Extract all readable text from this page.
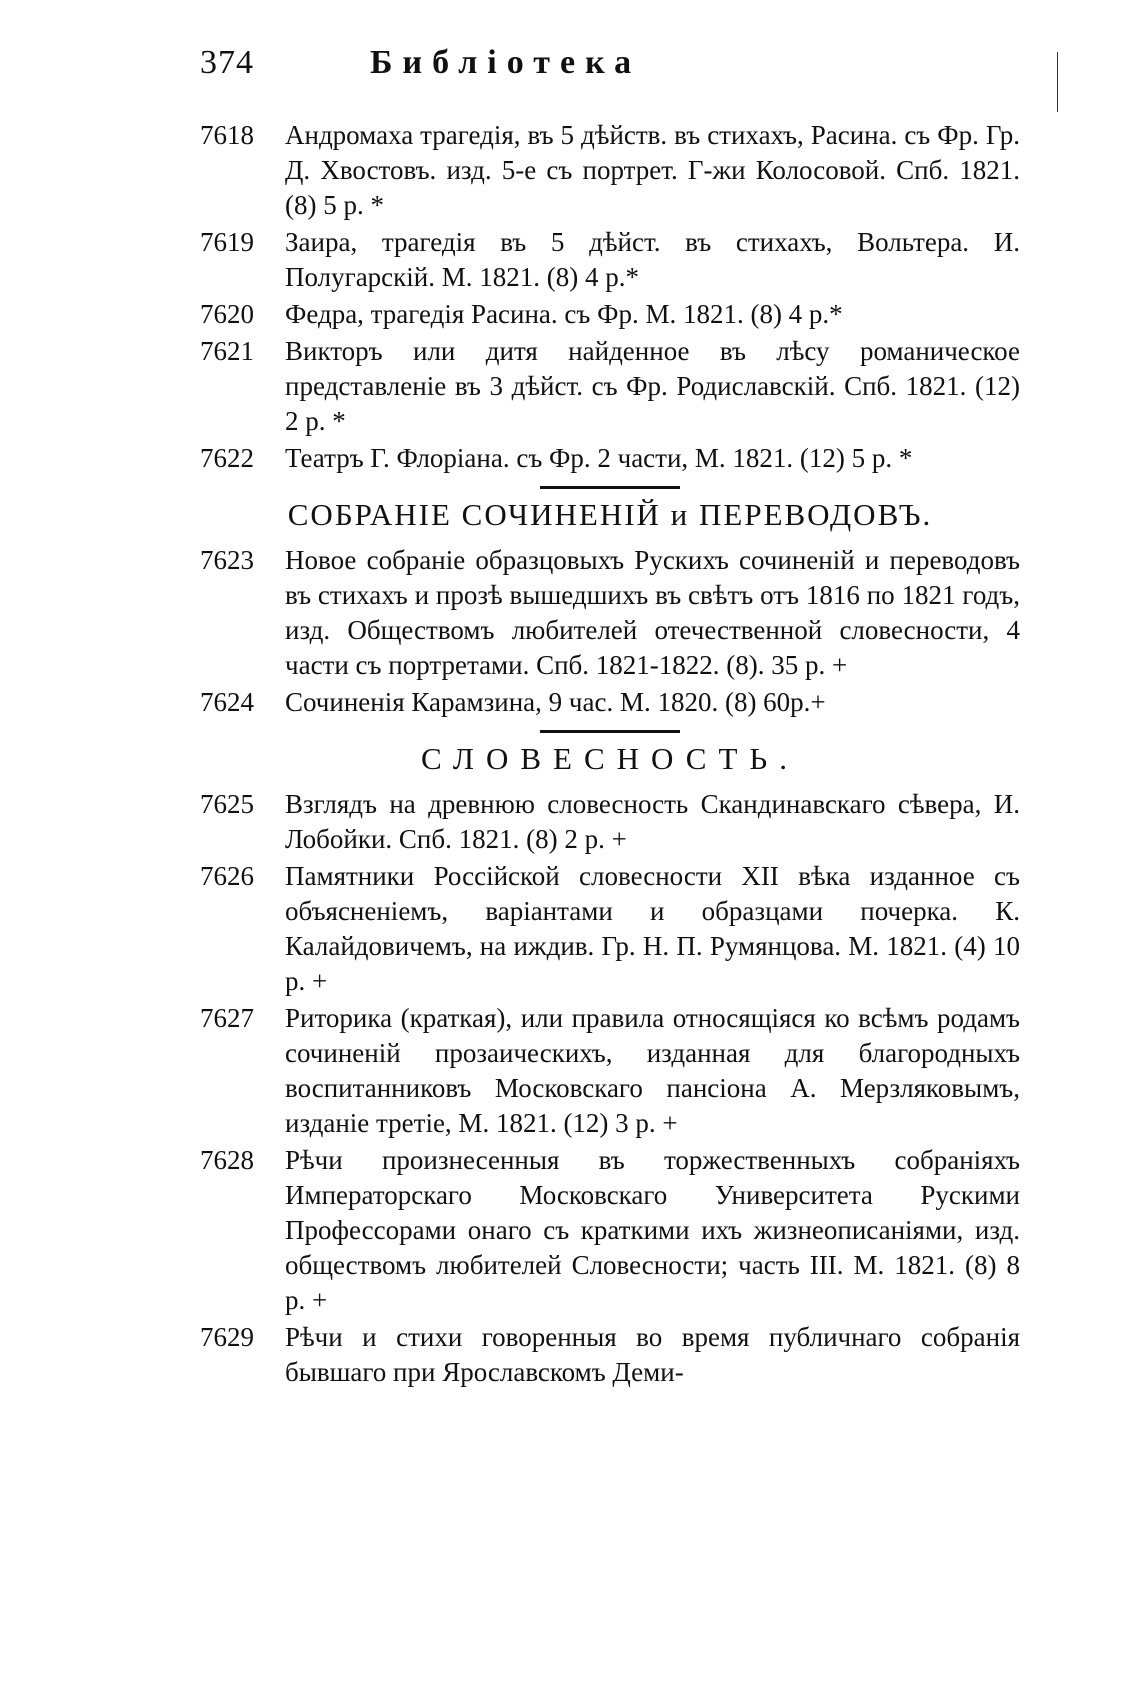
374	Библіотека
7618 Андромаха трагедія, въ 5 дѣйств. въ стихахъ, Расина. съ Фр. Гр. Д. Хвостовъ. изд. 5-е съ портрет. Г-жи Колосовой. Спб. 1821. (8) 5 р. *
7619 Заира, трагедія въ 5 дѣйст. въ стихахъ, Вольтера. И. Полугарскій. М. 1821. (8) 4 р.*
7620 Федра, трагедія Расина. съ Фр. М. 1821. (8) 4 р.*
7621 Викторъ или дитя найденное въ лѣсу романическое представленіе въ 3 дѣйст. съ Фр. Родиславскій. Спб. 1821. (12) 2 р. *
7622 Театръ Г. Флоріана. съ Фр. 2 части, М. 1821. (12) 5 р. *
СОБРАНІЕ СОЧИНЕНІЙ и ПЕРЕВОДОВЪ.
7623 Новое собраніе образцовыхъ Рускихъ сочиненій и переводовъ въ стихахъ и прозѣ вышедшихъ въ свѣтъ отъ 1816 по 1821 годъ, изд. Обществомъ любителей отечественной словесности, 4 части съ портретами. Спб. 1821-1822. (8). 35 р. +
7624 Сочиненія Карамзина, 9 час. М. 1820. (8) 60р.+
СЛОВЕСНОСТЬ.
7625 Взглядъ на древнюю словесность Скандинавскаго сѣвера, И. Лобойки. Спб. 1821. (8) 2 р. +
7626 Памятники Россійской словесности XII вѣка изданное съ объясненіемъ, варіантами и образцами почерка. К. Калайдовичемъ, на иждив. Гр. Н. П. Румянцова. М. 1821. (4) 10 р. +
7627 Риторика (краткая), или правила относящіяся ко всѣмъ родамъ сочиненій прозаическихъ, изданная для благородныхъ воспитанниковъ Московскаго пансіона А. Мерзляковымъ, изданіе третіе, М. 1821. (12) 3 р. +
7628 Рѣчи произнесенныя въ торжественныхъ собраніяхъ Императорскаго Московскаго Университета Рускими Профессорами онаго съ краткими ихъ жизнеописаніями, изд. обществомъ любителей Словесности; часть III. М. 1821. (8) 8 р. +
7629 Рѣчи и стихи говоренныя во время публичнаго собранія бывшаго при Ярославскомъ Деми-
